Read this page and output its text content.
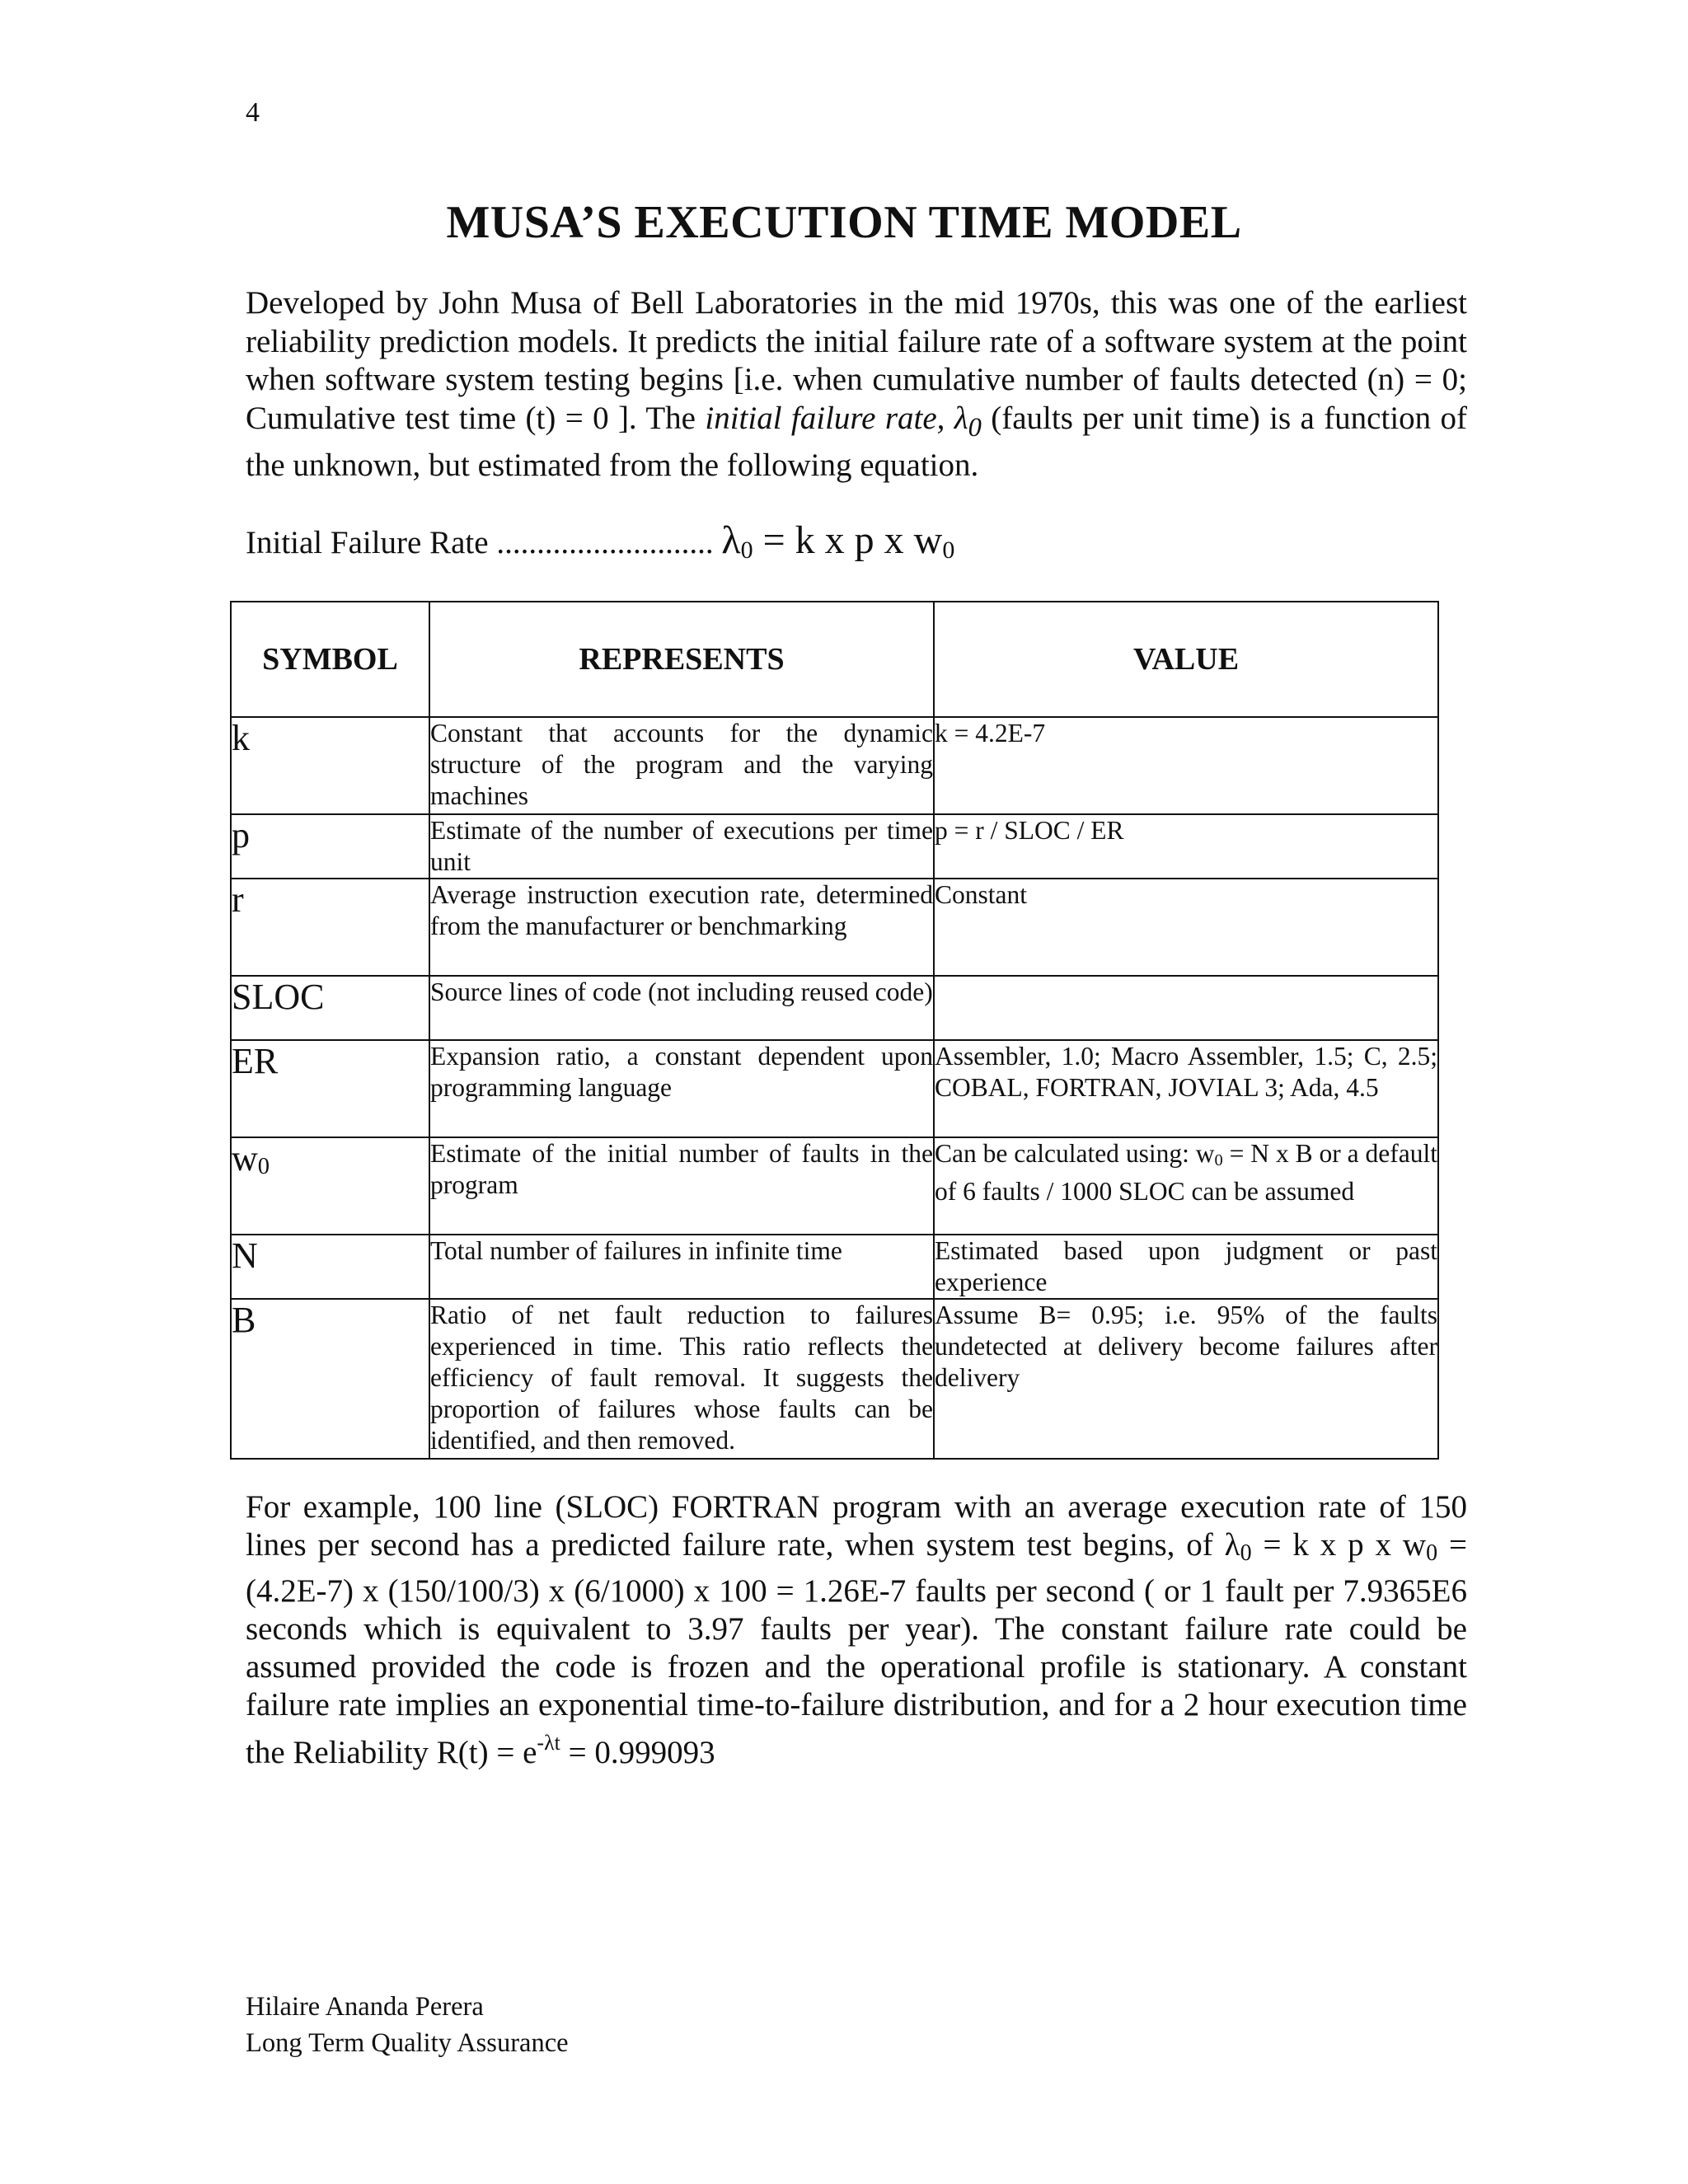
4
MUSA’S EXECUTION TIME MODEL
Developed by John Musa of Bell Laboratories in the mid 1970s, this was one of the earliest reliability prediction models. It predicts the initial failure rate of a software system at the point when software system testing begins [i.e. when cumulative number of faults detected (n) = 0; Cumulative test time (t) = 0 ]. The initial failure rate, $\lambda_0$ (faults per unit time) is a function of the unknown, but estimated from the following equation.
Initial Failure Rate ........................... $\lambda_0 = k$ x p x $w_0$
SYMBOL	REPRESENTS	VALUE
k	Constant that accounts for the dynamic structure of the program and the varying machines	k = 4.2E-7
p	Estimate of the number of executions per time unit	p = r / SLOC / ER
r	Average instruction execution rate, determined from the manufacturer or benchmarking	Constant
SLOC	Source lines of code (not including reused code)	
ER	Expansion ratio, a constant dependent upon programming language	Assembler, 1.0; Macro Assembler, 1.5; C, 2.5; COBAL, FORTRAN, JOVIAL 3; Ada, 4.5
$w_0$	Estimate of the initial number of faults in the program	Can be calculated using: $w_0 = N$ x B or a default of 6 faults / 1000 SLOC can be assumed
N	Total number of failures in infinite time	Estimated based upon judgment or past experience
B	Ratio of net fault reduction to failures experienced in time. This ratio reflects the efficiency of fault removal. It suggests the proportion of failures whose faults can be identified, and then removed.	Assume B= 0.95; i.e. 95% of the faults undetected at delivery become failures after delivery
For example, 100 line (SLOC) FORTRAN program with an average execution rate of 150 lines per second has a predicted failure rate, when system test begins, of $\lambda_0 = k$ x p x $w_0 = (4.2E-7)$ x (150/100/3) x (6/1000) x 100 = 1.26E-7 faults per second ( or 1 fault per 7.9365E6 seconds which is equivalent to 3.97 faults per year). The constant failure rate could be assumed provided the code is frozen and the operational profile is stationary. A constant failure rate implies an exponential time-to-failure distribution, and for a 2 hour execution time the Reliability $R(t) = e^{-\lambda t} = 0.999093$
Hilaire Ananda Perera
Long Term Quality Assurance
